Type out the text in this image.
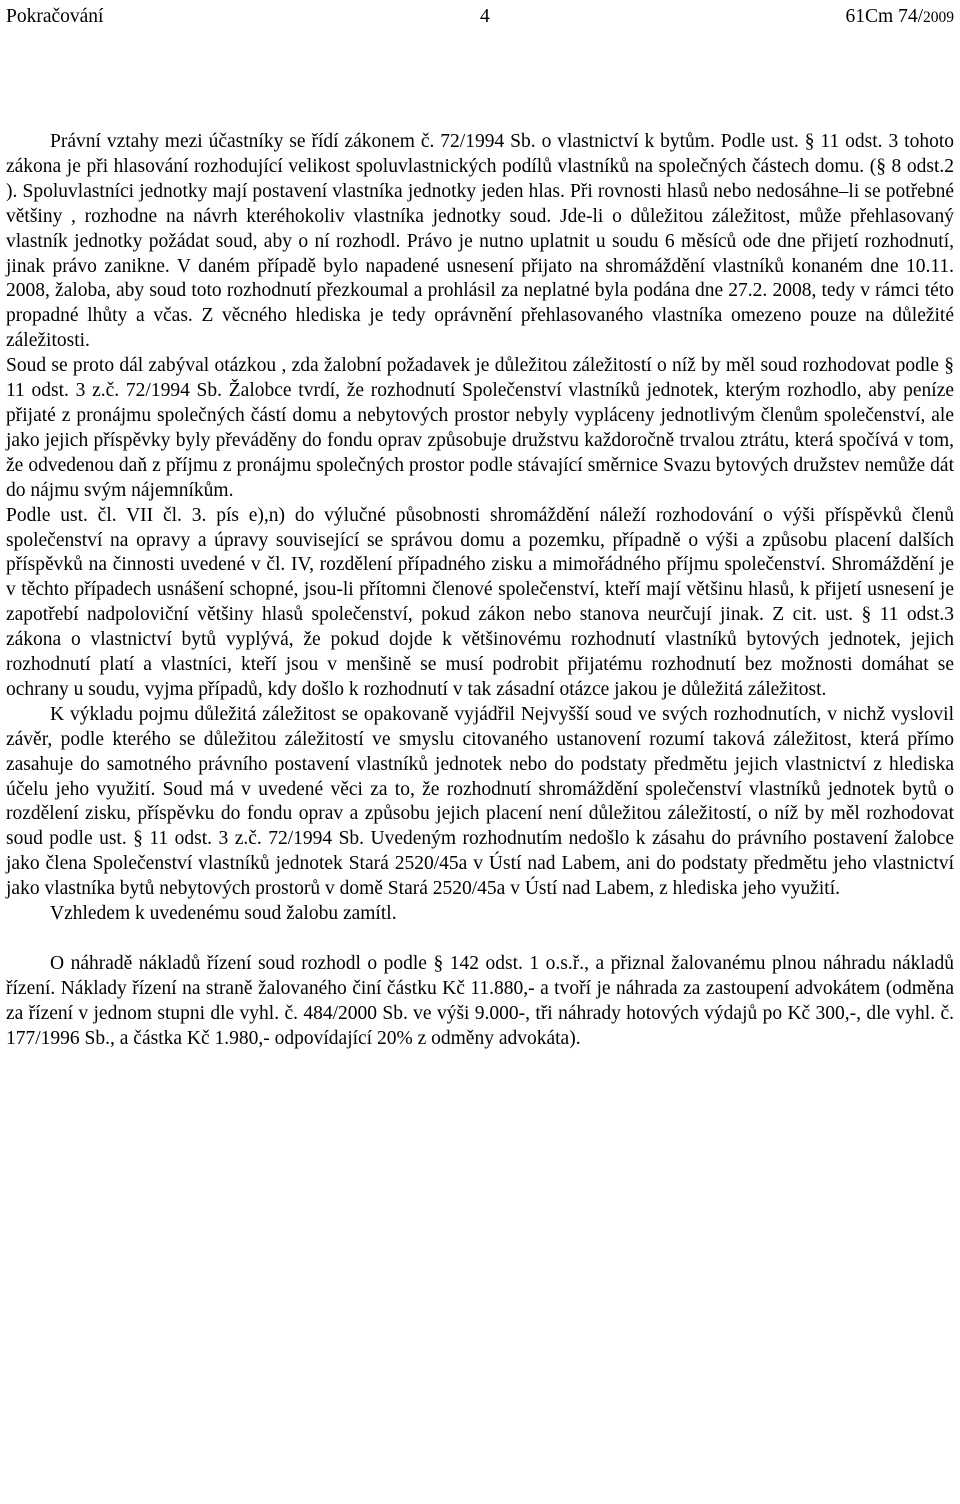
Pokračování	4	61Cm 74/2009

Právní vztahy mezi účastníky se řídí zákonem č. 72/1994 Sb. o vlastnictví k bytům. Podle ust. § 11 odst. 3 tohoto zákona je při hlasování rozhodující velikost spoluvlastnických podílů vlastníků na společných částech domu. (§ 8 odst.2 ). Spoluvlastníci jednotky mají postavení vlastníka jednotky jeden hlas. Při rovnosti hlasů nebo nedosáhne–li se potřebné většiny , rozhodne na návrh kteréhokoliv vlastníka jednotky soud. Jde-li o důležitou záležitost, může přehlasovaný vlastník jednotky požádat soud, aby o ní rozhodl. Právo je nutno uplatnit u soudu 6 měsíců ode dne přijetí rozhodnutí, jinak právo zanikne. V daném případě bylo napadené usnesení přijato na shromáždění vlastníků konaném dne 10.11. 2008, žaloba, aby soud toto rozhodnutí přezkoumal a prohlásil za neplatné byla podána dne 27.2. 2008, tedy v rámci této propadné lhůty a včas. Z věcného hlediska je tedy oprávnění přehlasovaného vlastníka omezeno pouze na důležité záležitosti.

Soud se proto dál zabýval otázkou , zda žalobní požadavek je důležitou záležitostí o níž by měl soud rozhodovat podle § 11 odst. 3 z.č. 72/1994 Sb. Žalobce tvrdí, že rozhodnutí Společenství vlastníků jednotek, kterým rozhodlo, aby peníze přijaté z pronájmu společných částí domu a nebytových prostor nebyly vypláceny jednotlivým členům společenství, ale jako jejich příspěvky byly převáděny do fondu oprav způsobuje družstvu každoročně trvalou ztrátu, která spočívá v tom, že odvedenou daň z příjmu z pronájmu společných prostor podle stávající směrnice Svazu bytových družstev nemůže dát do nájmu svým nájemníkům.

Podle ust. čl. VII čl. 3. pís e),n) do výlučné působnosti shromáždění náleží rozhodování o výši příspěvků členů společenství na opravy a úpravy související se správou domu a pozemku, případně o výši a způsobu placení dalších příspěvků na činnosti uvedené v čl. IV, rozdělení případného zisku a mimořádného příjmu společenství. Shromáždění je v těchto případech usnášení schopné, jsou-li přítomni členové společenství, kteří mají většinu hlasů, k přijetí usnesení je zapotřebí nadpoloviční většiny hlasů společenství, pokud zákon nebo stanova neurčují jinak. Z cit. ust. § 11 odst.3 zákona o vlastnictví bytů vyplývá, že pokud dojde k většinovému rozhodnutí vlastníků bytových jednotek, jejich rozhodnutí platí a vlastníci, kteří jsou v menšině se musí podrobit přijatému rozhodnutí bez možnosti domáhat se ochrany u soudu, vyjma případů, kdy došlo k rozhodnutí v tak zásadní otázce jakou je důležitá záležitost.

K výkladu pojmu důležitá záležitost se opakovaně vyjádřil Nejvyšší soud ve svých rozhodnutích, v nichž vyslovil závěr, podle kterého se důležitou záležitostí ve smyslu citovaného ustanovení rozumí taková záležitost, která přímo zasahuje do samotného právního postavení vlastníků jednotek nebo do podstaty předmětu jejich vlastnictví z hlediska účelu jeho využití. Soud má v uvedené věci za to, že rozhodnutí shromáždění společenství vlastníků jednotek bytů o rozdělení zisku, příspěvku do fondu oprav a způsobu jejich placení není důležitou záležitostí, o níž by měl rozhodovat soud podle ust. § 11 odst. 3 z.č. 72/1994 Sb. Uvedeným rozhodnutím nedošlo k zásahu do právního postavení žalobce jako člena Společenství vlastníků jednotek Stará 2520/45a v Ústí nad Labem, ani do podstaty předmětu jeho vlastnictví jako vlastníka bytů nebytových prostorů v domě Stará 2520/45a v Ústí nad Labem, z hlediska jeho využití.

Vzhledem k uvedenému soud žalobu zamítl.

O náhradě nákladů řízení soud rozhodl o podle § 142 odst. 1 o.s.ř., a přiznal žalovanému plnou náhradu nákladů řízení. Náklady řízení na straně žalovaného činí částku Kč 11.880,- a tvoří je náhrada za zastoupení advokátem (odměna za řízení v jednom stupni dle vyhl. č. 484/2000 Sb. ve výši 9.000-, tři náhrady hotových výdajů po Kč 300,-, dle vyhl. č. 177/1996 Sb., a částka Kč 1.980,- odpovídající 20% z odměny advokáta).
